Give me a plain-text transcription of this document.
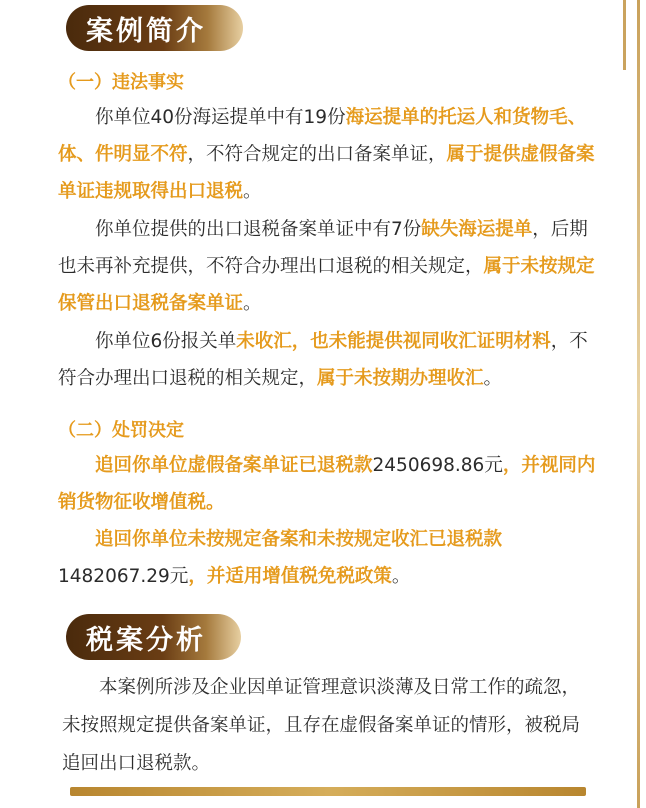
案例简介
（一）违法事实
你单位40份海运提单中有19份海运提单的托运人和货物毛、体、件明显不符，不符合规定的出口备案单证，属于提供虚假备案单证违规取得出口退税。
你单位提供的出口退税备案单证中有7份缺失海运提单，后期也未再补充提供，不符合办理出口退税的相关规定，属于未按规定保管出口退税备案单证。
你单位6份报关单未收汇，也未能提供视同收汇证明材料，不符合办理出口退税的相关规定，属于未按期办理收汇。
（二）处罚决定
追回你单位虚假备案单证已退税款2450698.86元，并视同内销货物征收增值税。
追回你单位未按规定备案和未按规定收汇已退税款1482067.29元，并适用增值税免税政策。
税案分析
本案例所涉及企业因单证管理意识淡薄及日常工作的疏忽，未按照规定提供备案单证，且存在虚假备案单证的情形，被税局追回出口退税款。
